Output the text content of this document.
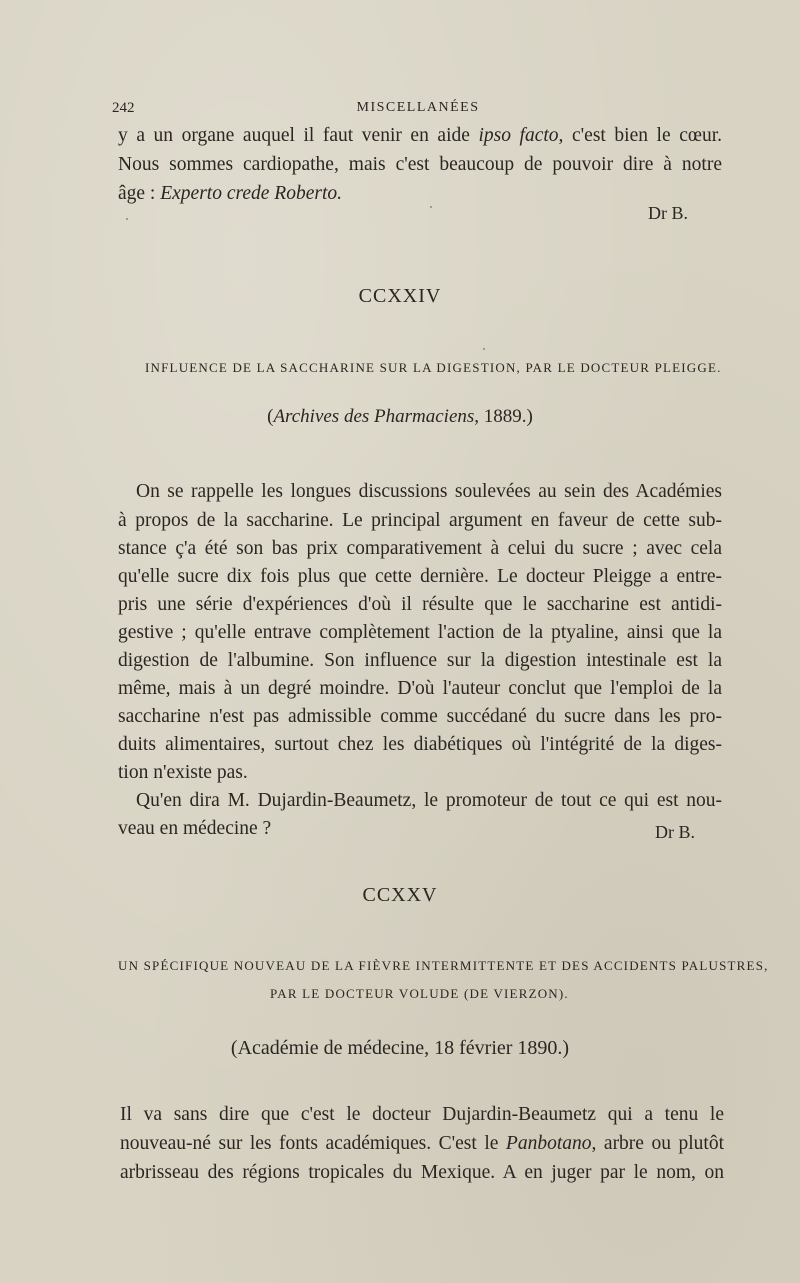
242	MISCELLANÉES
y a un organe auquel il faut venir en aide ipso facto, c'est bien le cœur.
Nous sommes cardiopathe, mais c'est beaucoup de pouvoir dire à notre
âge : Experto crede Roberto.
Dr B.
CCXXIV
INFLUENCE DE LA SACCHARINE SUR LA DIGESTION, PAR LE DOCTEUR PLEIGGE.
(Archives des Pharmaciens, 1889.)
On se rappelle les longues discussions soulevées au sein des Académies
à propos de la saccharine. Le principal argument en faveur de cette sub-
stance ç'a été son bas prix comparativement à celui du sucre ; avec cela
qu'elle sucre dix fois plus que cette dernière. Le docteur Pleigge a entre-
pris une série d'expériences d'où il résulte que le saccharine est antidi-
gestive ; qu'elle entrave complètement l'action de la ptyaline, ainsi que la
digestion de l'albumine. Son influence sur la digestion intestinale est la
même, mais à un degré moindre. D'où l'auteur conclut que l'emploi de la
saccharine n'est pas admissible comme succédané du sucre dans les pro-
duits alimentaires, surtout chez les diabétiques où l'intégrité de la diges-
tion n'existe pas.
Qu'en dira M. Dujardin-Beaumetz, le promoteur de tout ce qui est nou-
veau en médecine ?	Dr B.
CCXXV
UN SPÉCIFIQUE NOUVEAU DE LA FIÈVRE INTERMITTENTE ET DES ACCIDENTS PALUSTRES,
PAR LE DOCTEUR VOLUDE (DE VIERZON).
(Académie de médecine, 18 février 1890.)
Il va sans dire que c'est le docteur Dujardin-Beaumetz qui a tenu le
nouveau-né sur les fonts académiques. C'est le Panbotano, arbre ou plutôt
arbrisseau des régions tropicales du Mexique. A en juger par le nom, on
